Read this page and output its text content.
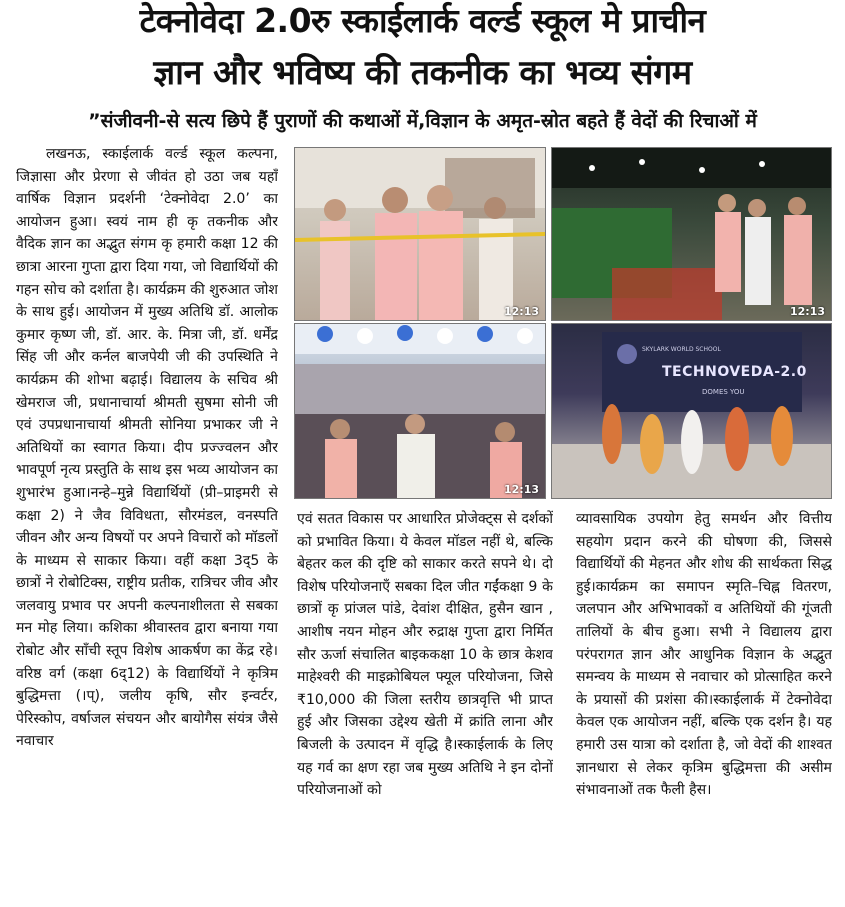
टेक्नोवेदा 2.0रु स्काईलार्क वर्ल्ड स्कूल मे प्राचीन
ज्ञान और भविष्य की तकनीक का भव्य संगम
”संजीवनी-से सत्य छिपे हैं पुराणों की कथाओं में,विज्ञान के अमृत-स्रोत बहते हैं वेदों की रिचाओं में
लखनऊ, स्काईलार्क वर्ल्ड स्कूल कल्पना, जिज्ञासा और प्रेरणा से जीवंत हो उठा जब यहाँ वार्षिक विज्ञान प्रदर्शनी ‘टेक्नोवेदा 2.0’ का आयोजन हुआ। स्वयं नाम ही कृ तकनीक और वैदिक ज्ञान का अद्भुत संगम कृ हमारी कक्षा 12 की छात्रा आरना गुप्ता द्वारा दिया गया, जो विद्यार्थियों की गहन सोच को दर्शाता है। कार्यक्रम की शुरुआत जोश के साथ हुई। आयोजन में मुख्य अतिथि डॉ. आलोक कुमार कृष्ण जी, डॉ. आर. के. मित्रा जी, डॉ. धर्मेंद्र सिंह जी और कर्नल बाजपेयी जी की उपस्थिति ने कार्यक्रम की शोभा बढ़ाई। विद्यालय के सचिव श्री खेमराज जी, प्रधानाचार्या श्रीमती सुषमा सोनी जी एवं उपप्रधानाचार्या श्रीमती सोनिया प्रभाकर जी ने अतिथियों का स्वागत किया। दीप प्रज्ज्वलन और भावपूर्ण नृत्य प्रस्तुति के साथ इस भव्य आयोजन का शुभारंभ हुआ।नन्हे–मुन्ने विद्यार्थियों (प्री–प्राइमरी से कक्षा 2) ने जैव विविधता, सौरमंडल, वनस्पति जीवन और अन्य विषयों पर अपने विचारों को मॉडलों के माध्यम से साकार किया। वहीं कक्षा 3द्5 के छात्रों ने रोबोटिक्स, राष्ट्रीय प्रतीक, रात्रिचर जीव और जलवायु प्रभाव पर अपनी कल्पनाशीलता से सबका मन मोह लिया। कशिका श्रीवास्तव द्वारा बनाया गया रोबोट और साँची स्तूप विशेष आकर्षण का केंद्र रहे।वरिष्ठ वर्ग (कक्षा 6द्12) के विद्यार्थियों ने कृत्रिम बुद्धिमत्ता (।प्), जलीय कृषि, सौर इन्वर्टर, पेरिस्कोप, वर्षाजल संचयन और बायोगैस संयंत्र जैसे नवाचार
12:13	12:13
12:13
SKYLARK WORLD SCHOOL
TECHNOVEDA-2.0
DOMES YOU
एवं सतत विकास पर आधारित प्रोजेक्ट्स से दर्शकों को प्रभावित किया। ये केवल मॉडल नहीं थे, बल्कि बेहतर कल की दृष्टि को साकार करते सपने थे। दो विशेष परियोजनाएँ सबका दिल जीत गईंकक्षा 9 के छात्रों कृ प्रांजल पांडे, देवांश दीक्षित, हुसैन खान , आशीष नयन मोहन और रुद्राक्ष गुप्ता द्वारा निर्मित सौर ऊर्जा संचालित बाइककक्षा 10 के छात्र केशव माहेश्वरी की माइक्रोबियल फ्यूल परियोजना, जिसे ₹10,000 की जिला स्तरीय छात्रवृत्ति भी प्राप्त हुई और जिसका उद्देश्य खेती में क्रांति लाना और बिजली के उत्पादन में वृद्धि है।स्काईलार्क के लिए यह गर्व का क्षण रहा जब मुख्य अतिथि ने इन दोनों परियोजनाओं को
व्यावसायिक उपयोग हेतु समर्थन और वित्तीय सहयोग प्रदान करने की घोषणा की, जिससे विद्यार्थियों की मेहनत और शोध की सार्थकता सिद्ध हुई।कार्यक्रम का समापन स्मृति–चिह्न वितरण, जलपान और अभिभावकों व अतिथियों की गूंजती तालियों के बीच हुआ। सभी ने विद्यालय द्वारा परंपरागत ज्ञान और आधुनिक विज्ञान के अद्भुत समन्वय के माध्यम से नवाचार को प्रोत्साहित करने के प्रयासों की प्रशंसा की।स्काईलार्क में टेक्नोवेदा केवल एक आयोजन नहीं, बल्कि एक दर्शन है। यह हमारी उस यात्रा को दर्शाता है, जो वेदों की शाश्वत ज्ञानधारा से लेकर कृत्रिम बुद्धिमत्ता की असीम संभावनाओं तक फैली हैस।
